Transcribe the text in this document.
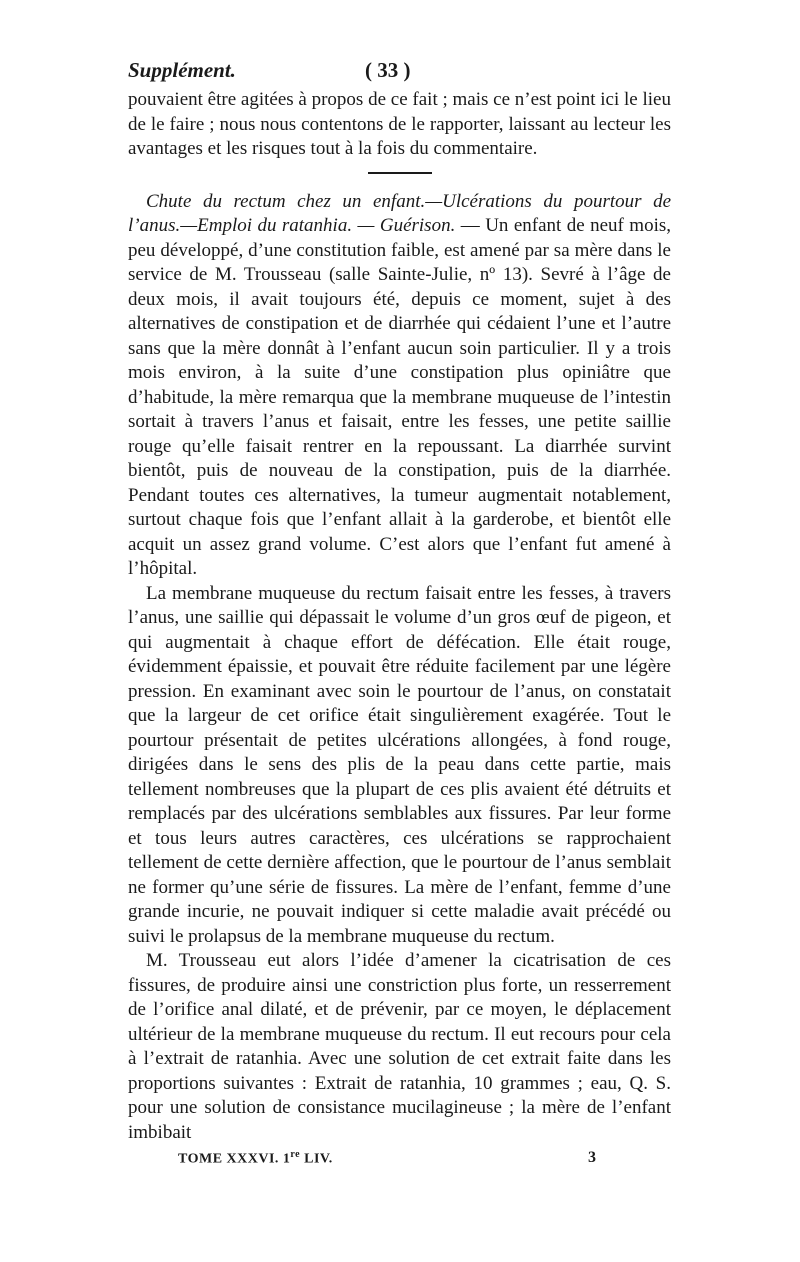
Supplément.	( 33 )

pouvaient être agitées à propos de ce fait ; mais ce n’est point ici le lieu de le faire ; nous nous contentons de le rapporter, laissant au lecteur les avantages et les risques tout à la fois du commentaire.

Chute du rectum chez un enfant.—Ulcérations du pourtour de l’anus.—Emploi du ratanhia. — Guérison. — Un enfant de neuf mois, peu développé, d’une constitution faible, est amené par sa mère dans le service de M. Trousseau (salle Sainte-Julie, nº 13). Sevré à l’âge de deux mois, il avait toujours été, depuis ce moment, sujet à des alternatives de constipation et de diarrhée qui cédaient l’une et l’autre sans que la mère donnât à l’enfant aucun soin particulier. Il y a trois mois environ, à la suite d’une constipation plus opiniâtre que d’habitude, la mère remarqua que la membrane muqueuse de l’intestin sortait à travers l’anus et faisait, entre les fesses, une petite saillie rouge qu’elle faisait rentrer en la repoussant. La diarrhée survint bientôt, puis de nouveau de la constipation, puis de la diarrhée. Pendant toutes ces alternatives, la tumeur augmentait notablement, surtout chaque fois que l’enfant allait à la garderobe, et bientôt elle acquit un assez grand volume. C’est alors que l’enfant fut amené à l’hôpital.

La membrane muqueuse du rectum faisait entre les fesses, à travers l’anus, une saillie qui dépassait le volume d’un gros œuf de pigeon, et qui augmentait à chaque effort de défécation. Elle était rouge, évidemment épaissie, et pouvait être réduite facilement par une légère pression. En examinant avec soin le pourtour de l’anus, on constatait que la largeur de cet orifice était singulièrement exagérée. Tout le pourtour présentait de petites ulcérations allongées, à fond rouge, dirigées dans le sens des plis de la peau dans cette partie, mais tellement nombreuses que la plupart de ces plis avaient été détruits et remplacés par des ulcérations semblables aux fissures. Par leur forme et tous leurs autres caractères, ces ulcérations se rapprochaient tellement de cette dernière affection, que le pourtour de l’anus semblait ne former qu’une série de fissures. La mère de l’enfant, femme d’une grande incurie, ne pouvait indiquer si cette maladie avait précédé ou suivi le prolapsus de la membrane muqueuse du rectum.

M. Trousseau eut alors l’idée d’amener la cicatrisation de ces fissures, de produire ainsi une constriction plus forte, un resserrement de l’orifice anal dilaté, et de prévenir, par ce moyen, le déplacement ultérieur de la membrane muqueuse du rectum. Il eut recours pour cela à l’extrait de ratanhia. Avec une solution de cet extrait faite dans les proportions suivantes : Extrait de ratanhia, 10 grammes ; eau, Q. S. pour une solution de consistance mucilagineuse ; la mère de l’enfant imbibait

TOME XXXVI. 1re LIV.	3
